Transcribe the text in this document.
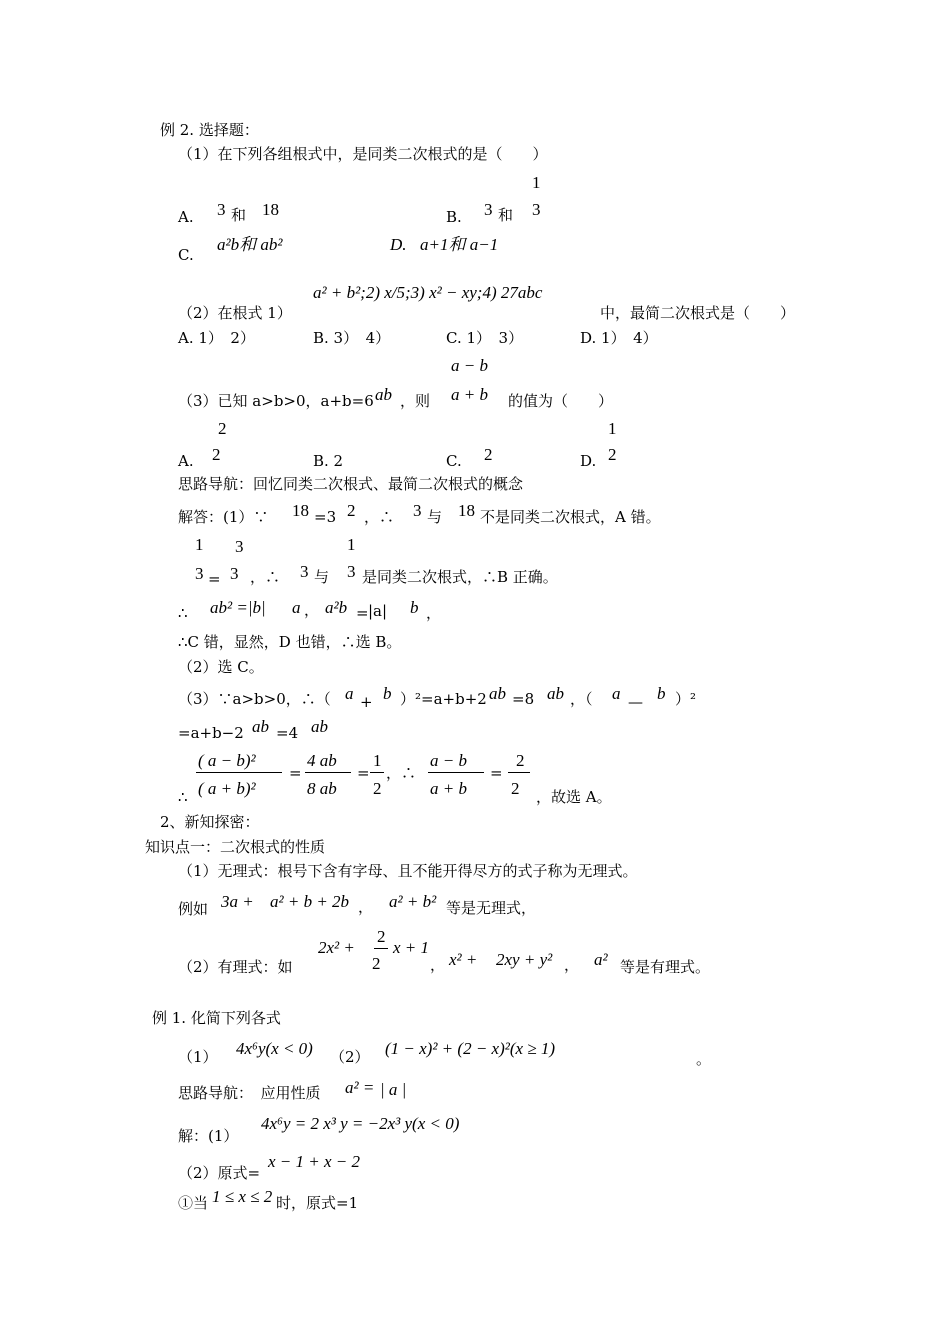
例 2. 选择题：
（1）在下列各组根式中，是同类二次根式的是（　　）
A. 3 和 18	B. 3 和
1
3
C.
a²b和 ab²	D. a+1和 a−1
a² + b²;2) x/5;3) x² − xy;4) 27abc
（2）在根式 1）	中，最简二次根式是（　　）
A. 1）　2）	B. 3）　4）	C. 1）　3）	D. 1）　4）
a − b
（3）已知 a>b>0，a+b=6 ab ，则 a + b 的值为（　　）
A.
2
2	B. 2	C. 2	D.
1
2
思路导航：回忆同类二次根式、最简二次根式的概念
解答：(1）∵ 18 =3 2 ，∴ 3 与 18 不是同类二次根式，A 错。
1
3 =
3
3 ，∴ 3 与
1
3 是同类二次根式，∴B 正确。
∴ ab² =|b| a ， a²b = |a| b ，
∴C 错，显然，D 也错，∴选 B。
（2）选 C。
（3）∵a>b>0，∴（ a + b ）²=a+b+2 ab =8 ab ，（ a — b ）²
=a+b−2 ab =4 ab
∴
( a − b)²
( a + b)²
=
4 ab
8 ab
=
1
2
，∴
a − b
a + b
=
2
2 ，故选 A。
2、新知探密：
知识点一：二次根式的性质
（1）无理式：根号下含有字母、且不能开得尽方的式子称为无理式。
例如 3a + a² + b + 2b ， a² + b² 等是无理式，
（2）有理式：如
2x² +
2
2
x + 1
， x² + 2xy + y² ， a² 等是有理式。
例 1. 化简下列各式
（1） 4x⁶y(x < 0) （2） (1 − x)² + (2 − x)²(x ≥ 1)
。
思路导航：　应用性质 a² = | a |
解：(1）
4x⁶y = 2 x³ y = −2x³ y(x < 0)
（2）原式=
x − 1 + x − 2
①当 1 ≤ x ≤ 2 时，原式=1
